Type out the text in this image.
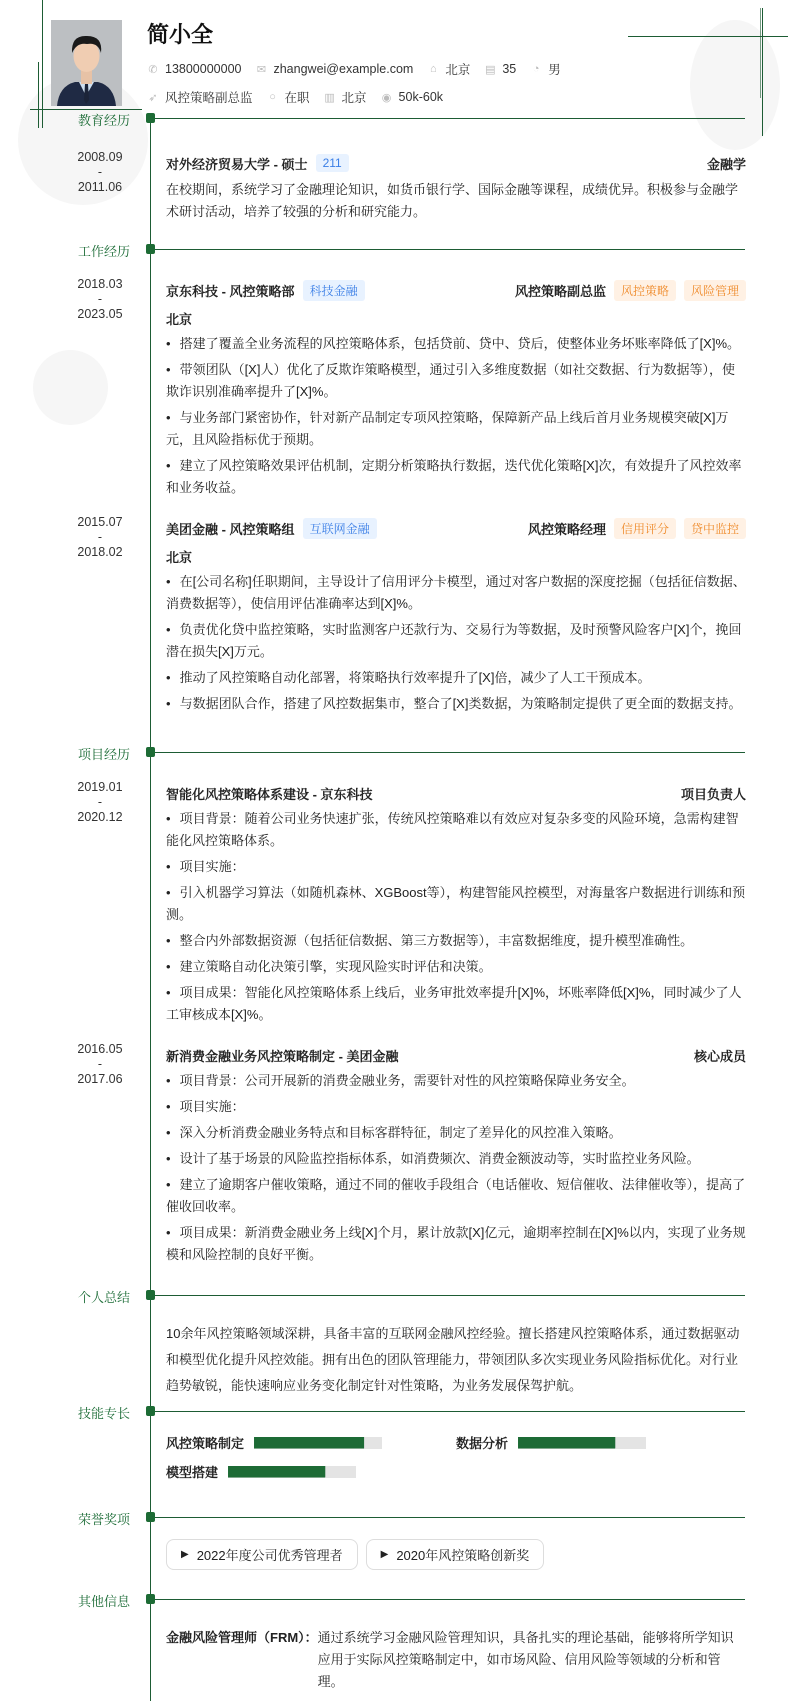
简小全
✆ 13800000000 ✉ zhangwei@example.com ⌂ 北京 ▤ 35 ◔ 男
➶ 风控策略副总监 ○ 在职 ▥ 北京 ◉ 50k-60k
教育经历
2008.09
-
2011.06
对外经济贸易大学 - 硕士	211	金融学

在校期间，系统学习了金融理论知识，如货币银行学、国际金融等课程，成绩优异。积极参与金融学术研讨活动，培养了较强的分析和研究能力。

工作经历
2018.03
-
2023.05
京东科技 - 风控策略部	科技金融	风控策略副总监	风控策略	风险管理
北京
• 搭建了覆盖全业务流程的风控策略体系，包括贷前、贷中、贷后，使整体业务坏账率降低了[X]%。
• 带领团队（[X]人）优化了反欺诈策略模型，通过引入多维度数据（如社交数据、行为数据等），使欺诈识别准确率提升了[X]%。
• 与业务部门紧密协作，针对新产品制定专项风控策略，保障新产品上线后首月业务规模突破[X]万元，且风险指标优于预期。
• 建立了风控策略效果评估机制，定期分析策略执行数据，迭代优化策略[X]次，有效提升了风控效率和业务收益。
2015.07
-
2018.02
美团金融 - 风控策略组	互联网金融	风控策略经理	信用评分	贷中监控
北京
• 在[公司名称]任职期间，主导设计了信用评分卡模型，通过对客户数据的深度挖掘（包括征信数据、消费数据等），使信用评估准确率达到[X]%。
• 负责优化贷中监控策略，实时监测客户还款行为、交易行为等数据，及时预警风险客户[X]个，挽回潜在损失[X]万元。
• 推动了风控策略自动化部署，将策略执行效率提升了[X]倍，减少了人工干预成本。
• 与数据团队合作，搭建了风控数据集市，整合了[X]类数据，为策略制定提供了更全面的数据支持。
项目经历
2019.01
-
2020.12
智能化风控策略体系建设 - 京东科技	项目负责人
• 项目背景：随着公司业务快速扩张，传统风控策略难以有效应对复杂多变的风险环境，急需构建智能化风控策略体系。
• 项目实施：
• 引入机器学习算法（如随机森林、XGBoost等），构建智能风控模型，对海量客户数据进行训练和预测。
• 整合内外部数据资源（包括征信数据、第三方数据等），丰富数据维度，提升模型准确性。
• 建立策略自动化决策引擎，实现风险实时评估和决策。
• 项目成果：智能化风控策略体系上线后，业务审批效率提升[X]%，坏账率降低[X]%，同时减少了人工审核成本[X]%。
2016.05
-
2017.06
新消费金融业务风控策略制定 - 美团金融	核心成员
• 项目背景：公司开展新的消费金融业务，需要针对性的风控策略保障业务安全。
• 项目实施：
• 深入分析消费金融业务特点和目标客群特征，制定了差异化的风控准入策略。
• 设计了基于场景的风险监控指标体系，如消费频次、消费金额波动等，实时监控业务风险。
• 建立了逾期客户催收策略，通过不同的催收手段组合（电话催收、短信催收、法律催收等），提高了催收回收率。
• 项目成果：新消费金融业务上线[X]个月，累计放款[X]亿元，逾期率控制在[X]%以内，实现了业务规模和风险控制的良好平衡。
个人总结

10余年风控策略领域深耕，具备丰富的互联网金融风控经验。擅长搭建风控策略体系，通过数据驱动和模型优化提升风控效能。拥有出色的团队管理能力，带领团队多次实现业务风险指标优化。对行业趋势敏锐，能快速响应业务变化制定针对性策略，为业务发展保驾护航。

技能专长
风控策略制定	数据分析
模型搭建
荣誉奖项
▶ 2022年度公司优秀管理者	▶ 2020年风控策略创新奖
其他信息
金融风险管理师（FRM）： 通过系统学习金融风险管理知识，具备扎实的理论基础，能够将所学知识应用于实际风控策略制定中，如市场风险、信用风险等领域的分析和管理。
